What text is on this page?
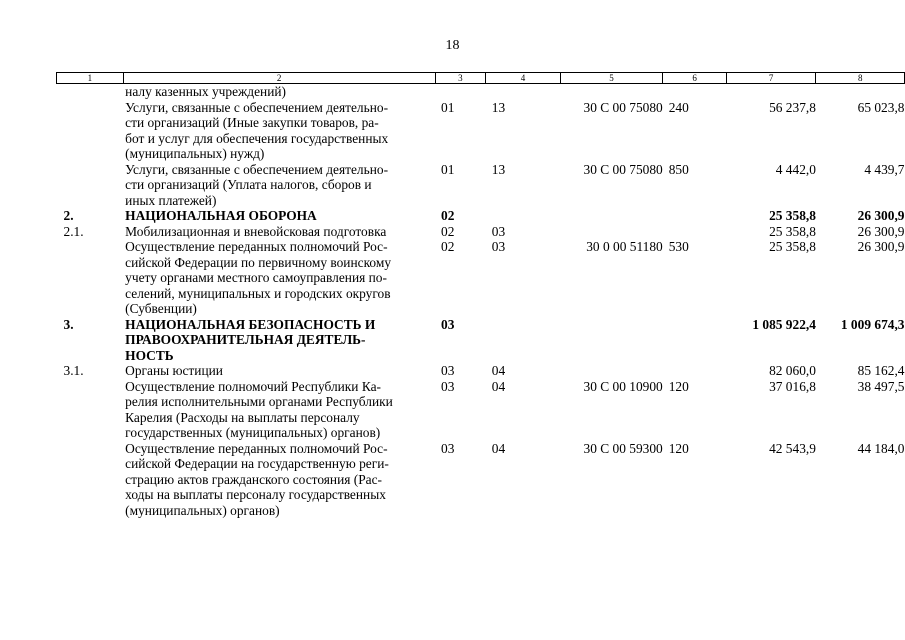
18
1	2	3	4	5	6	7	8
	налу казенных учреждений)						
	Услуги, связанные с обеспечением деятельно-
сти организаций (Иные закупки товаров, ра-
бот и услуг для обеспечения государственных
(муниципальных) нужд)	01	13	30 С 00 75080	240	56 237,8	65 023,8
	Услуги, связанные с обеспечением деятельно-
сти организаций (Уплата налогов, сборов и
иных платежей)	01	13	30 С 00 75080	850	4 442,0	4 439,7
2.	НАЦИОНАЛЬНАЯ ОБОРОНА	02				25 358,8	26 300,9
2.1.	Мобилизационная и вневойсковая подготовка	02	03			25 358,8	26 300,9
	Осуществление переданных полномочий Рос-
сийской Федерации по первичному воинскому
учету органами местного самоуправления по-
селений, муниципальных и городских округов
(Субвенции)	02	03	30 0 00 51180	530	25 358,8	26 300,9
3.	НАЦИОНАЛЬНАЯ БЕЗОПАСНОСТЬ И
ПРАВООХРАНИТЕЛЬНАЯ ДЕЯТЕЛЬ-
НОСТЬ	03				1 085 922,4	1 009 674,3
3.1.	Органы юстиции	03	04			82 060,0	85 162,4
	Осуществление полномочий Республики Ка-
релия исполнительными органами Республики
Карелия (Расходы на выплаты персоналу
государственных (муниципальных) органов)	03	04	30 С 00 10900	120	37 016,8	38 497,5
	Осуществление переданных полномочий Рос-
сийской Федерации на государственную реги-
страцию актов гражданского состояния (Рас-
ходы на выплаты персоналу государственных
(муниципальных) органов)	03	04	30 С 00 59300	120	42 543,9	44 184,0
